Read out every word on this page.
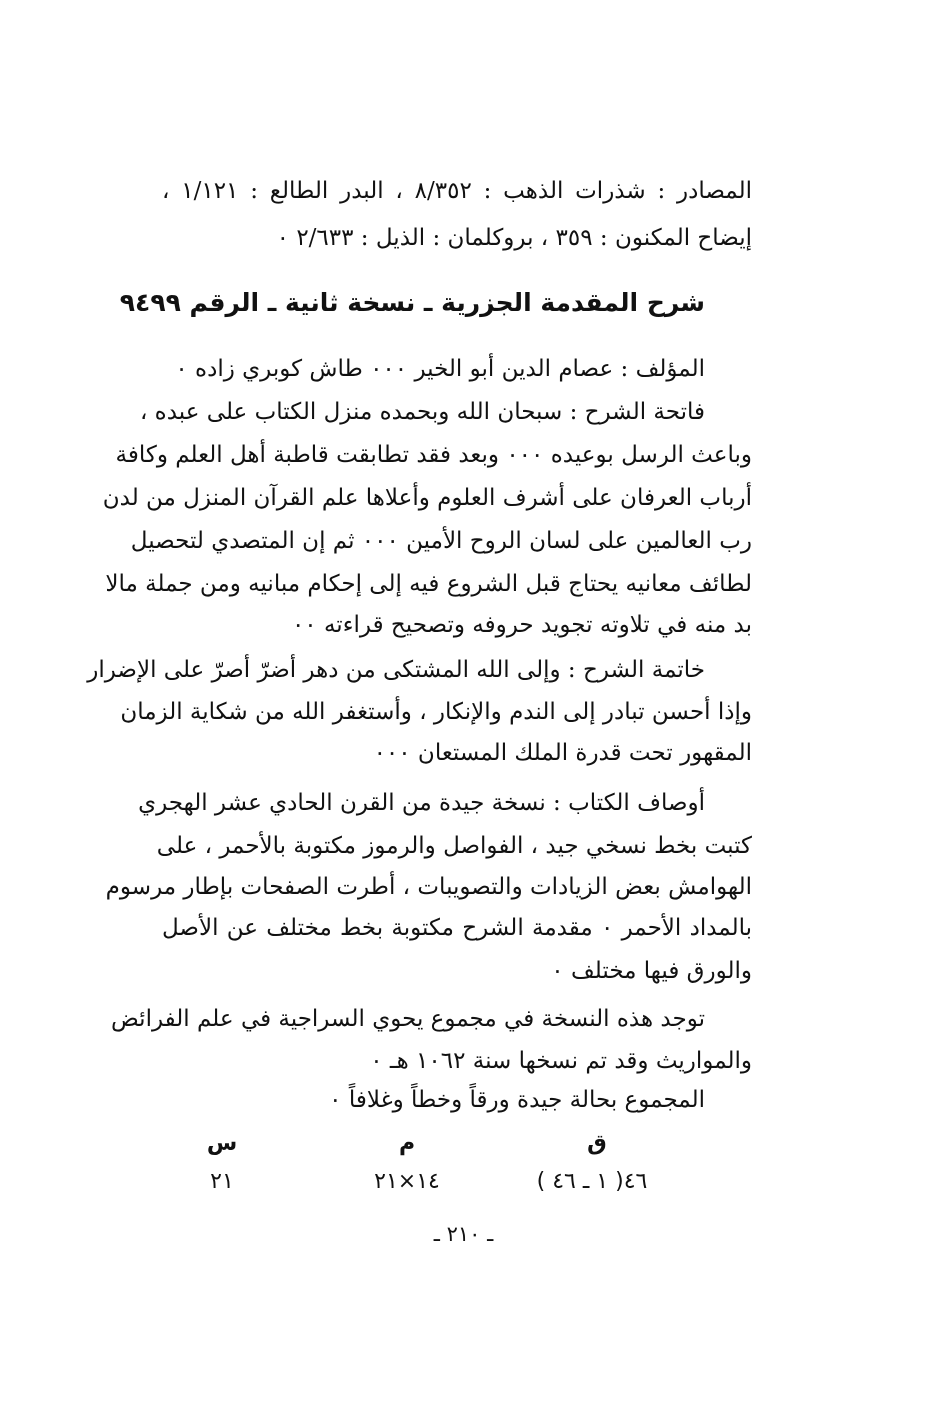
المصادر : شذرات الذهب : ٨/٣٥٢ ، البدر الطالع : ١/١٢١ ،
إيضاح المكنون : ٣٥٩ ، بروكلمان : الذيل : ٢/٦٣٣ ٠
شرح المقدمة الجزرية ـ نسخة ثانية ـ الرقم ٩٤٩٩
المؤلف : عصام الدين أبو الخير ٠٠٠ طاش كوبري زاده ٠
فاتحة الشرح : سبحان الله وبحمده منزل الكتاب على عبده ،
وباعث الرسل بوعيده ٠٠٠ وبعد فقد تطابقت قاطبة أهل العلم وكافة
أرباب العرفان على أشرف العلوم وأعلاها علم القرآن المنزل من لدن
رب العالمين على لسان الروح الأمين ٠٠٠ ثم إن المتصدي لتحصيل
لطائف معانيه يحتاج قبل الشروع فيه إلى إحكام مبانيه ومن جملة مالا
بد منه في تلاوته تجويد حروفه وتصحيح قراءته ٠٠
خاتمة الشرح : وإلى الله المشتكى من دهر أضرّ أصرّ على الإضرار
وإذا أحسن تبادر إلى الندم والإنكار ، وأستغفر الله من شكاية الزمان
المقهور تحت قدرة الملك المستعان ٠٠٠
أوصاف الكتاب : نسخة جيدة من القرن الحادي عشر الهجري
كتبت بخط نسخي جيد ، الفواصل والرموز مكتوبة بالأحمر ، على
الهوامش بعض الزيادات والتصويبات ، أطرت الصفحات بإطار مرسوم
بالمداد الأحمر ٠ مقدمة الشرح مكتوبة بخط مختلف عن الأصل
والورق فيها مختلف ٠
توجد هذه النسخة في مجموع يحوي السراجية في علم الفرائض
والمواريث وقد تم نسخها سنة ١٠٦٢ هـ ٠
المجموع بحالة جيدة ورقاً وخطاً وغلافاً ٠
ق
م
س
٤٦( ١ ـ ٤٦ )
١٤×٢١
٢١
ـ ٢١٠ ـ
